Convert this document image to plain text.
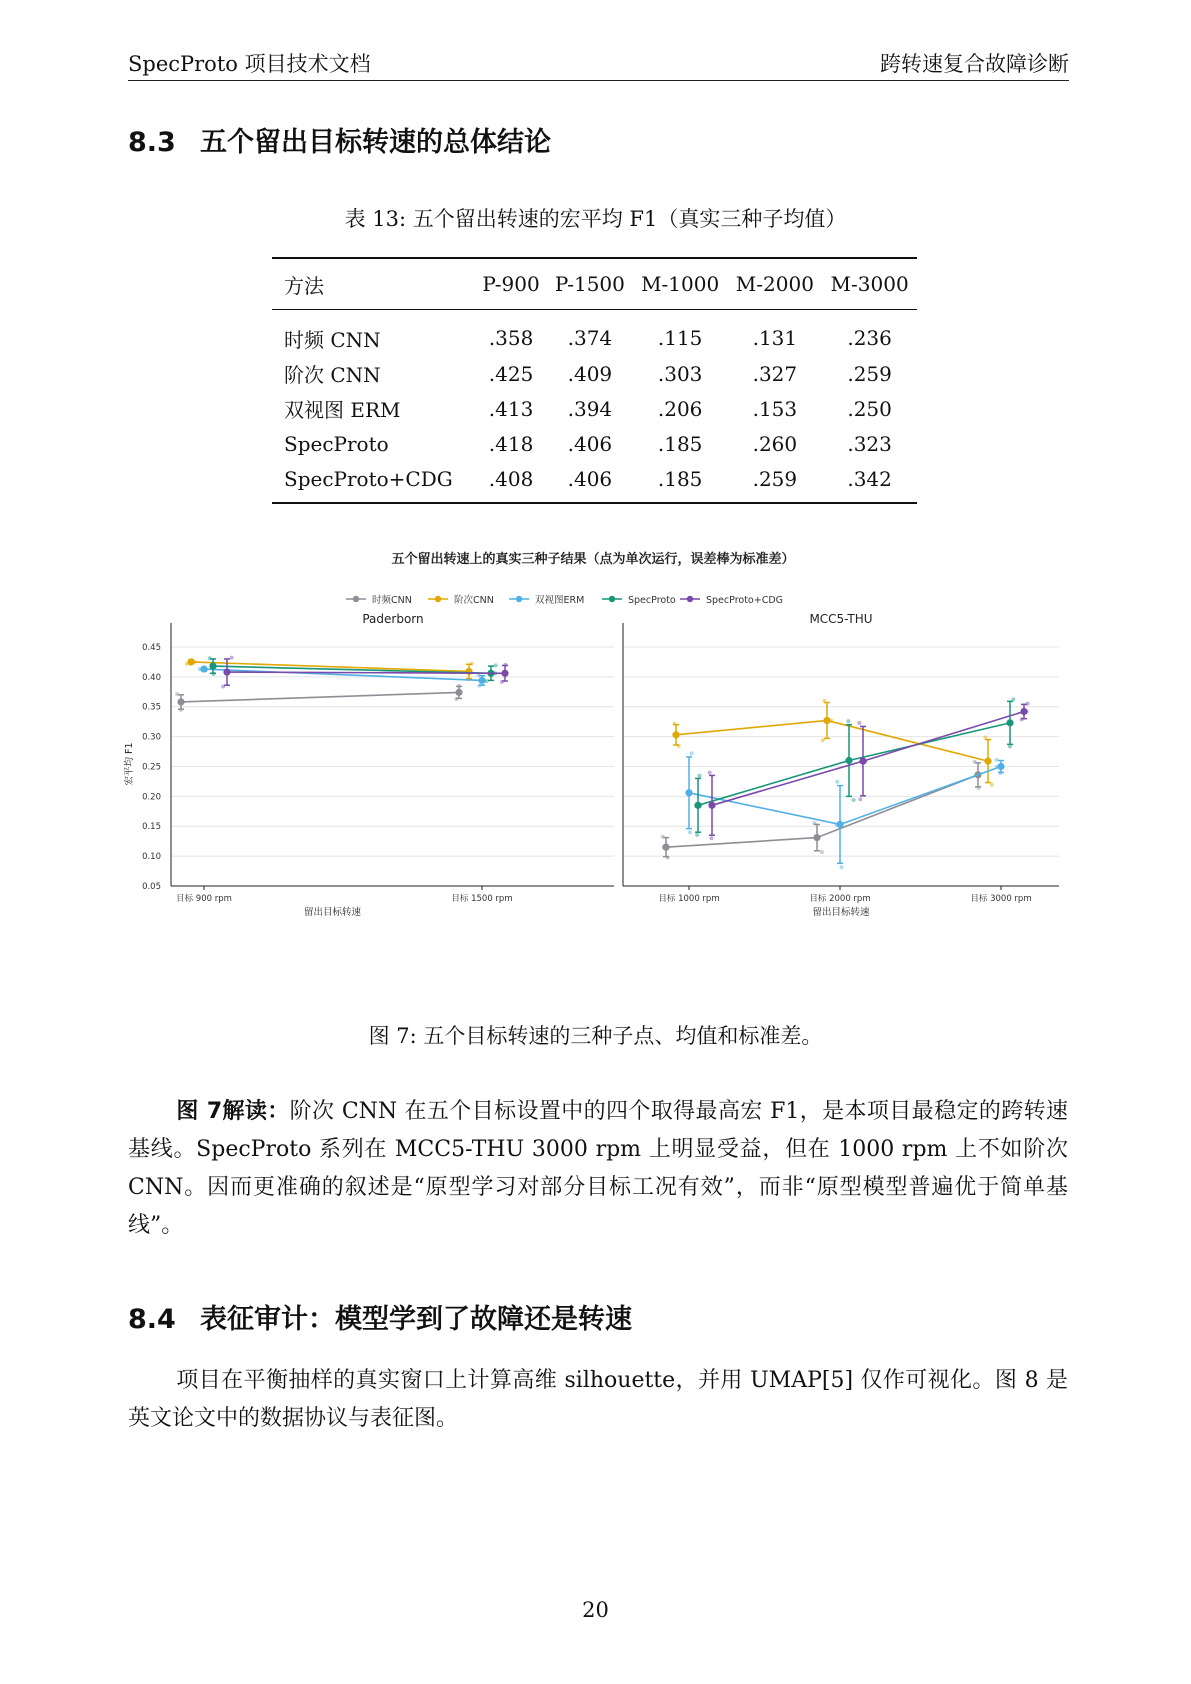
SpecProto 项目技术文档	跨转速复合故障诊断
8.3 五个留出目标转速的总体结论
表 13: 五个留出转速的宏平均 F1（真实三种子均值）
方法	P-900	P-1500	M-1000	M-2000	M-3000
时频 CNN	.358	.374	.115	.131	.236
阶次 CNN	.425	.409	.303	.327	.259
双视图 ERM	.413	.394	.206	.153	.250
SpecProto	.418	.406	.185	.260	.323
SpecProto+CDG	.408	.406	.185	.259	.342
五个留出转速上的真实三种子结果（点为单次运行，误差棒为标准差）
时频CNN	阶次CNN	双视图ERM	SpecProto	SpecProto+CDG
宏平均 F1
Paderborn
0.05
0.10
0.15
0.20
0.25
0.30
0.35
0.40
0.45
目标 900 rpm	目标 1500 rpm
留出目标转速
MCC5-THU
目标 1000 rpm	目标 2000 rpm	目标 3000 rpm
留出目标转速
图 7: 五个目标转速的三种子点、均值和标准差。
图 7解读：阶次 CNN 在五个目标设置中的四个取得最高宏 F1，是本项目最稳定的跨转速基线。SpecProto 系列在 MCC5-THU 3000 rpm 上明显受益，但在 1000 rpm 上不如阶次 CNN。因而更准确的叙述是“原型学习对部分目标工况有效”，而非“原型模型普遍优于简单基线”。
8.4 表征审计：模型学到了故障还是转速
项目在平衡抽样的真实窗口上计算高维 silhouette，并用 UMAP[5] 仅作可视化。图 8 是英文论文中的数据协议与表征图。
20
